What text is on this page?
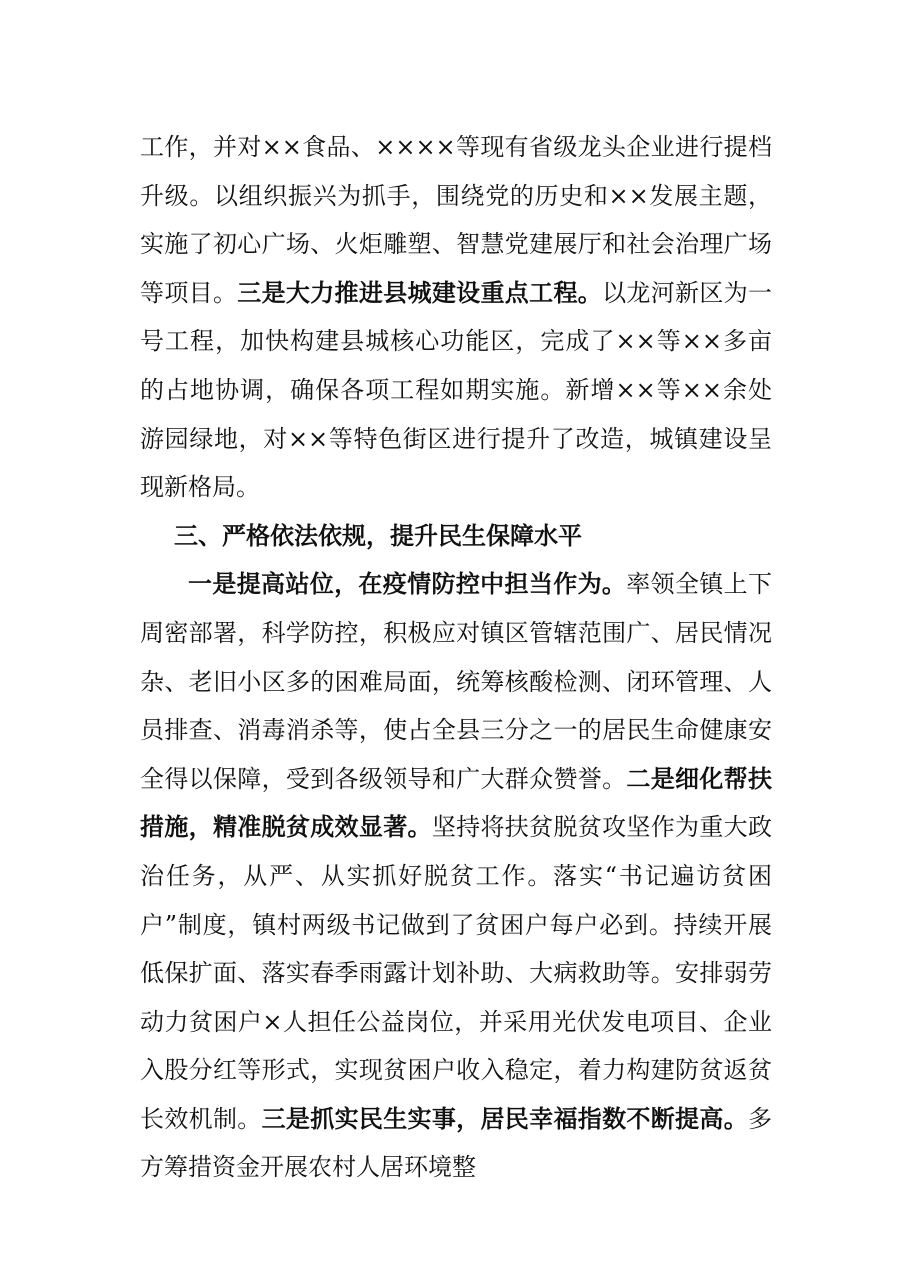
工作，并对××食品、××××等现有省级龙头企业进行提档升级。以组织振兴为抓手，围绕党的历史和××发展主题，实施了初心广场、火炬雕塑、智慧党建展厅和社会治理广场等项目。三是大力推进县城建设重点工程。以龙河新区为一号工程，加快构建县城核心功能区，完成了××等××多亩的占地协调，确保各项工程如期实施。新增××等××余处游园绿地，对××等特色街区进行提升了改造，城镇建设呈现新格局。

三、严格依法依规，提升民生保障水平

一是提高站位，在疫情防控中担当作为。率领全镇上下周密部署，科学防控，积极应对镇区管辖范围广、居民情况杂、老旧小区多的困难局面，统筹核酸检测、闭环管理、人员排查、消毒消杀等，使占全县三分之一的居民生命健康安全得以保障，受到各级领导和广大群众赞誉。二是细化帮扶措施，精准脱贫成效显著。坚持将扶贫脱贫攻坚作为重大政治任务，从严、从实抓好脱贫工作。落实“书记遍访贫困户”制度，镇村两级书记做到了贫困户每户必到。持续开展低保扩面、落实春季雨露计划补助、大病救助等。安排弱劳动力贫困户×人担任公益岗位，并采用光伏发电项目、企业入股分红等形式，实现贫困户收入稳定，着力构建防贫返贫长效机制。三是抓实民生实事，居民幸福指数不断提高。多方筹措资金开展农村人居环境整
